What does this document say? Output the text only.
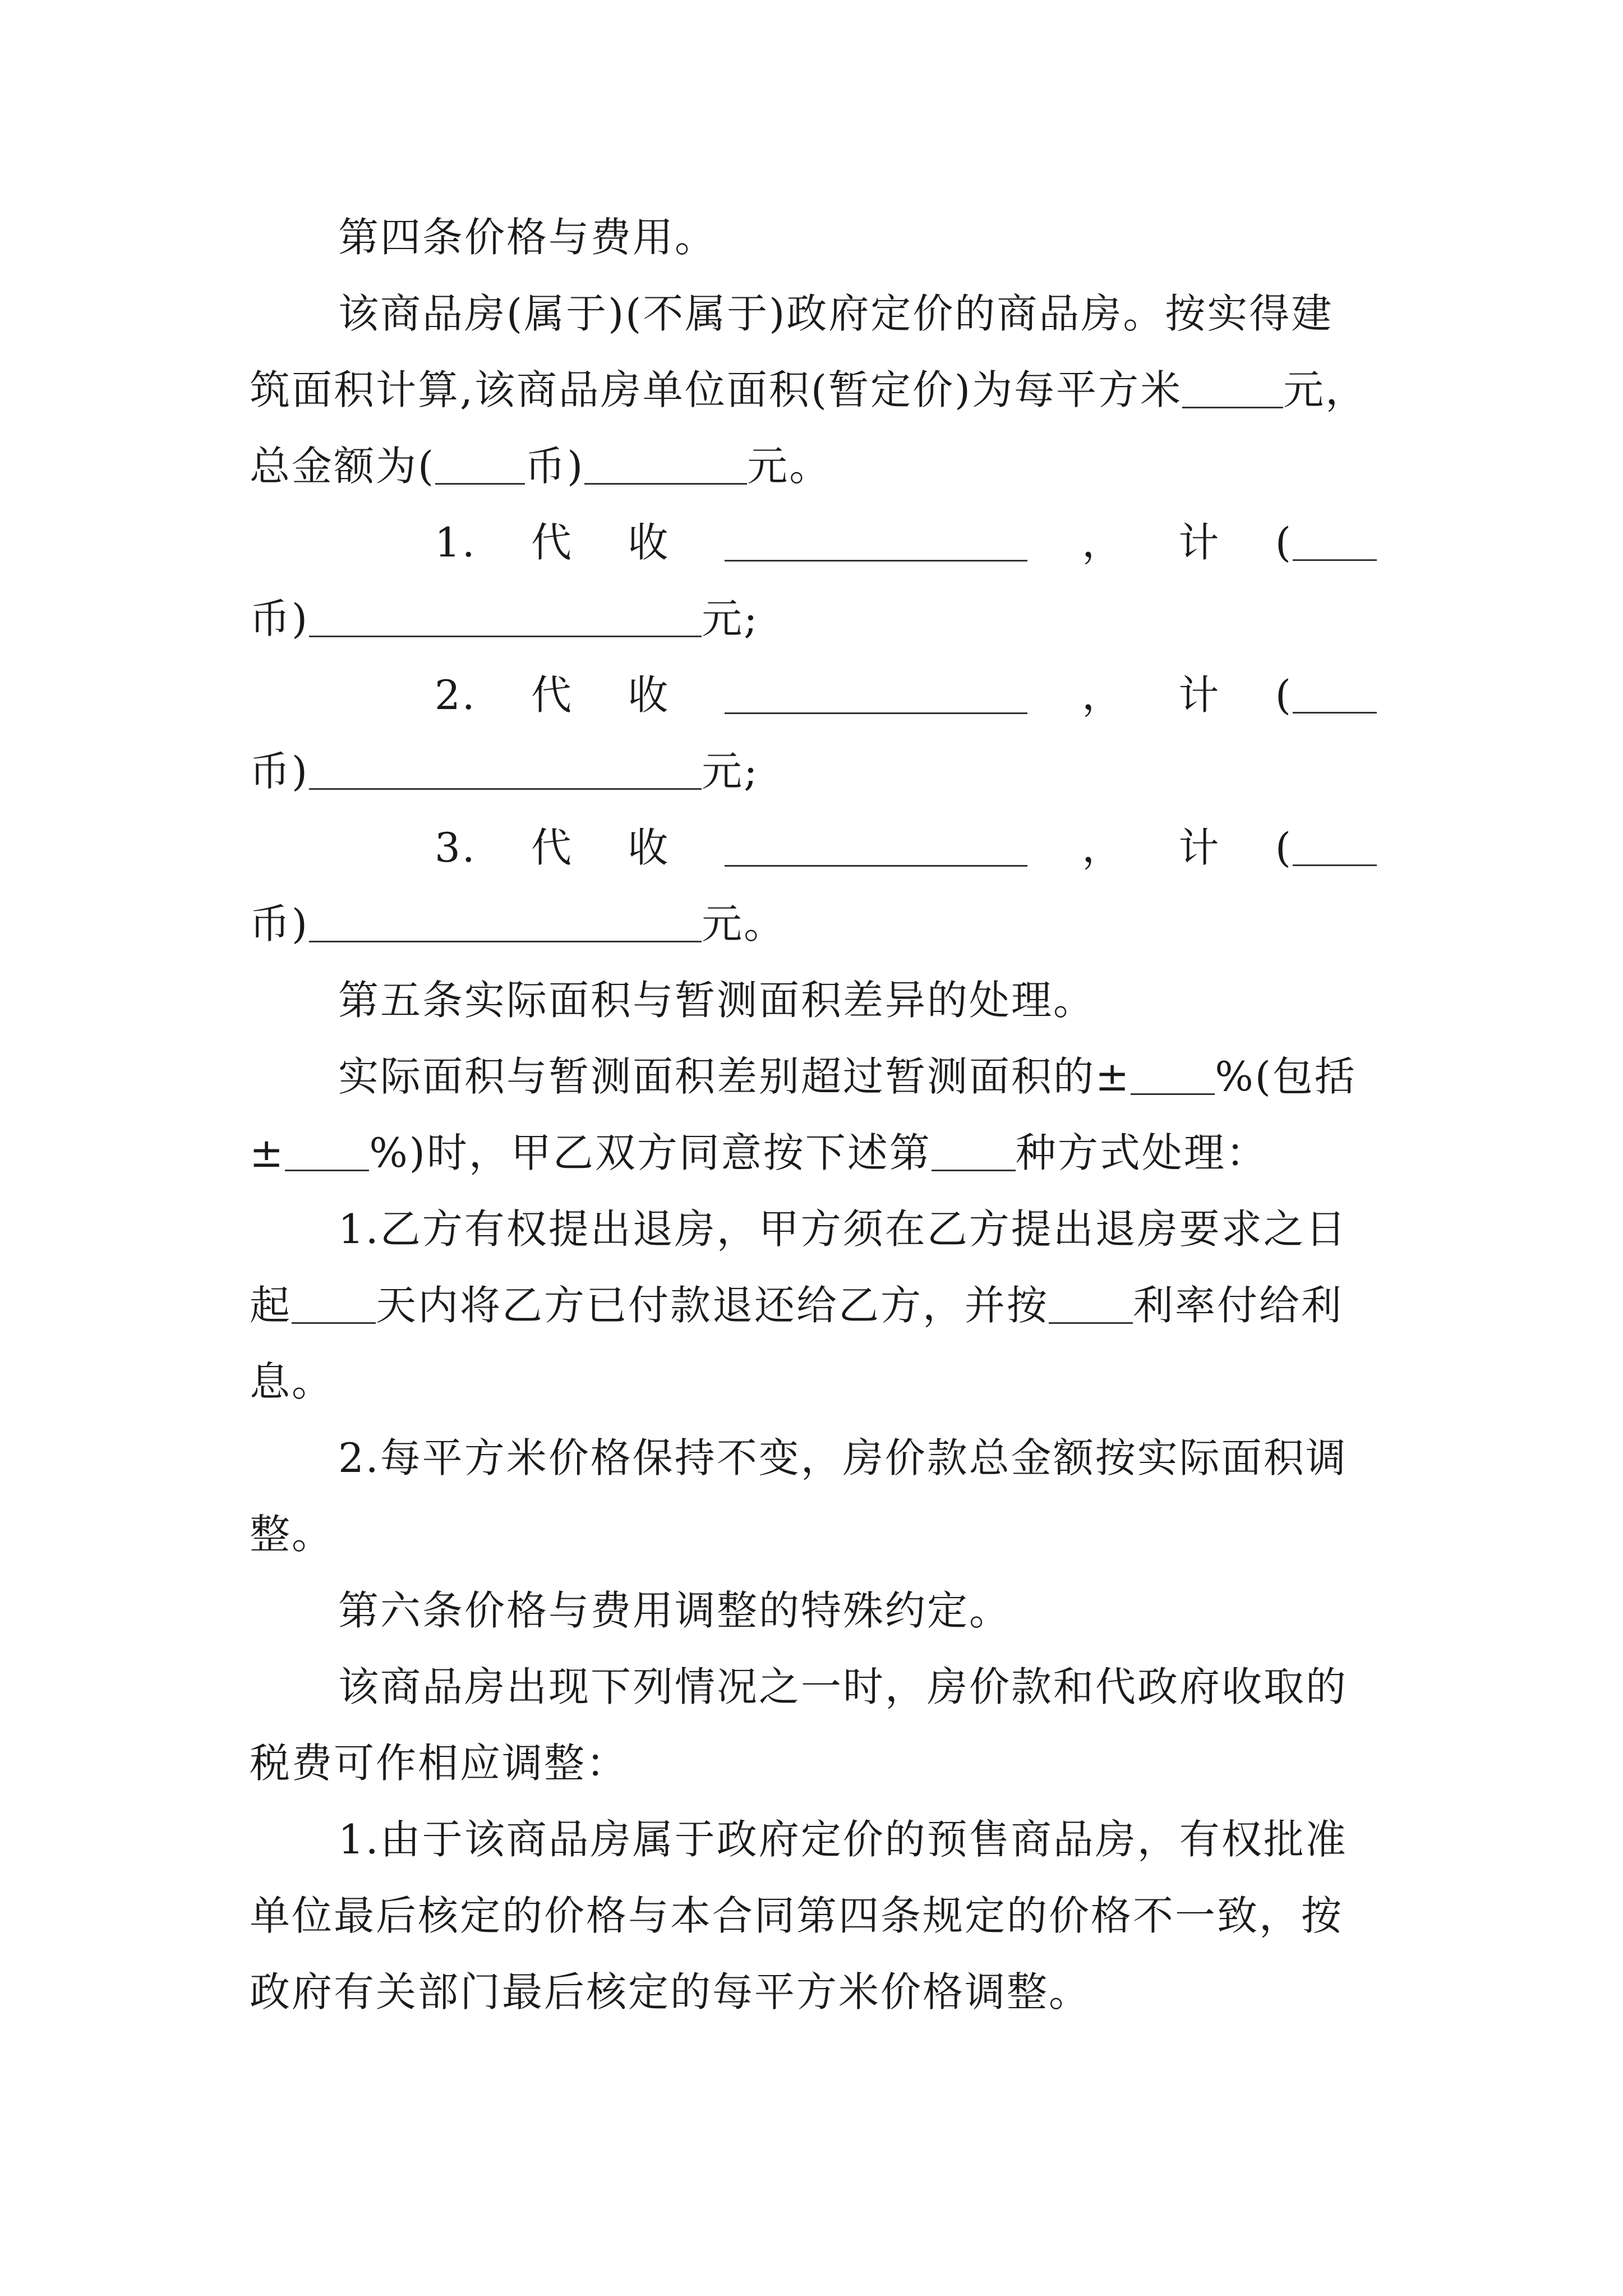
第四条价格与费用。
该商品房(属于)(不属于)政府定价的商品房。按实得建
筑面积计算,该商品房单位面积(暂定价)为每平方米	元，
总金额为( 币)	元。
1. 代 收	， 计 (
币)	元;
2. 代 收	， 计 (
币)	元;
3. 代 收	， 计 (
币)	元。
第五条实际面积与暂测面积差异的处理。
实际面积与暂测面积差别超过暂测面积的± %(包括
± %)时，甲乙双方同意按下述第 种方式处理：
1.乙方有权提出退房，甲方须在乙方提出退房要求之日
起 天内将乙方已付款退还给乙方，并按 利率付给利
息。
2.每平方米价格保持不变，房价款总金额按实际面积调
整。
第六条价格与费用调整的特殊约定。
该商品房出现下列情况之一时，房价款和代政府收取的
税费可作相应调整：
1.由于该商品房属于政府定价的预售商品房，有权批准
单位最后核定的价格与本合同第四条规定的价格不一致，按
政府有关部门最后核定的每平方米价格调整。
